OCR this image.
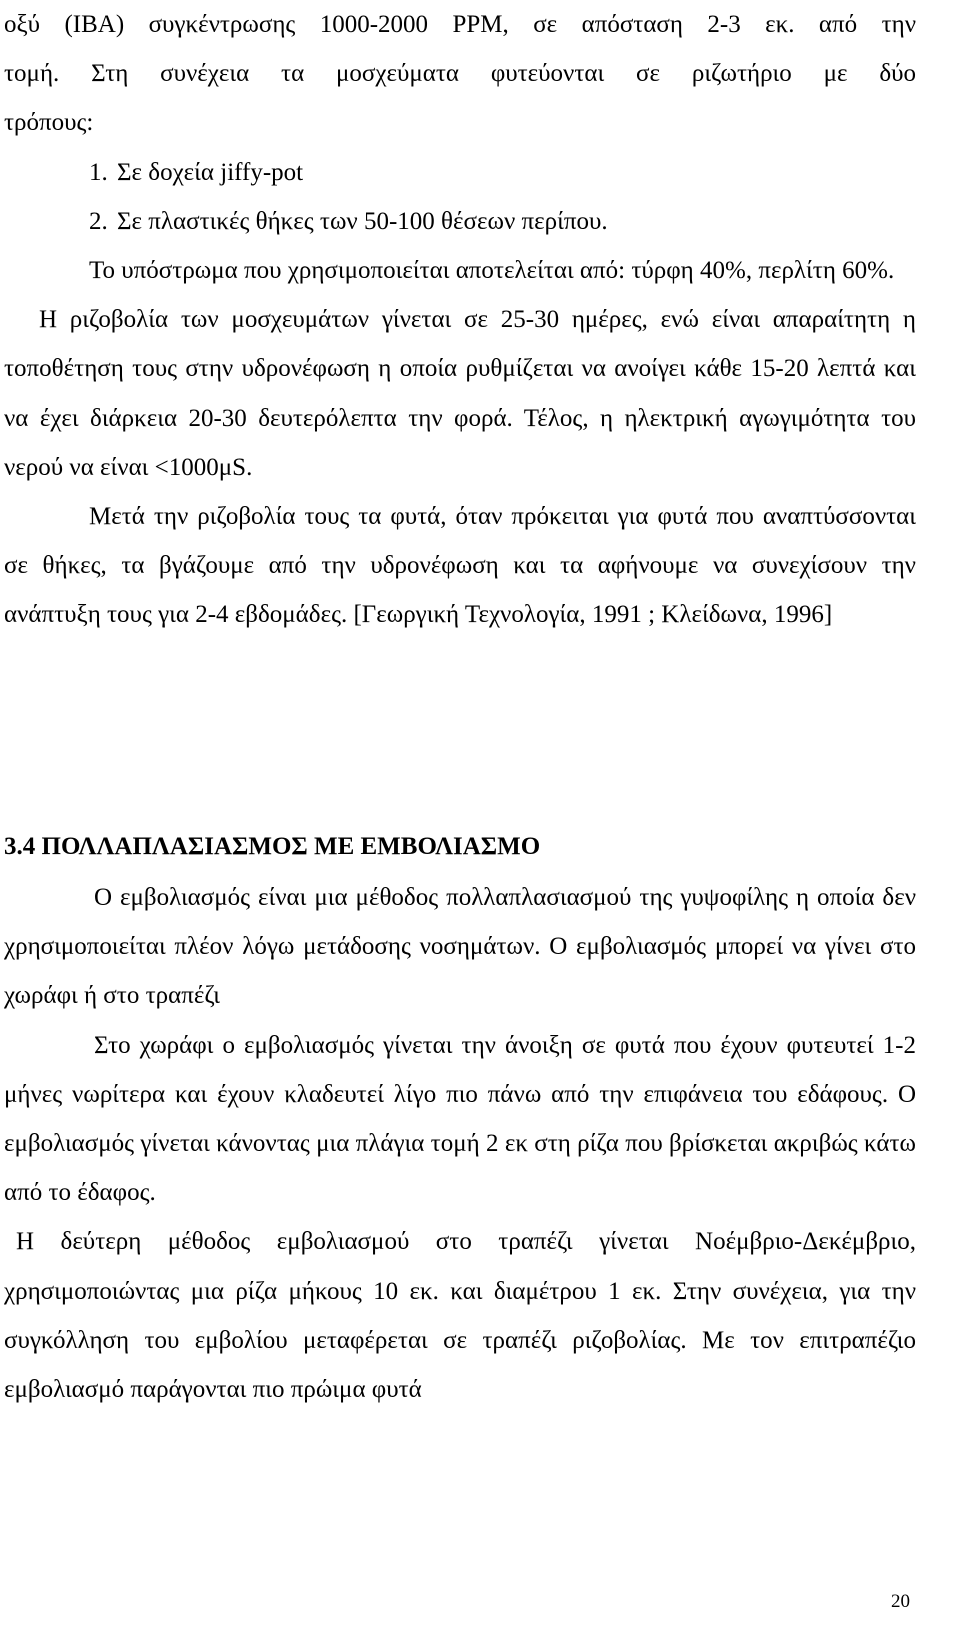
οξύ (IBA) συγκέντρωσης 1000-2000 PPM, σε απόσταση 2-3 εκ. από την

τομή. Στη συνέχεια τα μοσχεύματα φυτεύονται σε ριζωτήριο με δύο

τρόπους:

1. Σε δοχεία jiffy-pot

2. Σε πλαστικές θήκες των 50-100 θέσεων περίπου.

Το υπόστρωμα που χρησιμοποιείται αποτελείται από: τύρφη 40%, περλίτη 60%.

Η ριζοβολία των μοσχευμάτων γίνεται σε 25-30 ημέρες, ενώ είναι απαραίτητη η τοποθέτηση τους στην υδρονέφωση η οποία ρυθμίζεται να ανοίγει κάθε 15-20 λεπτά και να έχει διάρκεια 20-30 δευτερόλεπτα την φορά. Τέλος, η ηλεκτρική αγωγιμότητα του νερού να είναι <1000μS.

Μετά την ριζοβολία τους τα φυτά, όταν πρόκειται για φυτά που αναπτύσσονται σε θήκες, τα βγάζουμε από την υδρονέφωση και τα αφήνουμε να συνεχίσουν την ανάπτυξη τους για 2-4 εβδομάδες. [Γεωργική Τεχνολογία, 1991 ; Κλείδωνα, 1996]

3.4 ΠΟΛΛΑΠΛΑΣΙΑΣΜΟΣ ΜΕ ΕΜΒΟΛΙΑΣΜΟ

Ο εμβολιασμός είναι μια μέθοδος πολλαπλασιασμού της γυψοφίλης η οποία δεν χρησιμοποιείται πλέον λόγω μετάδοσης νοσημάτων. Ο εμβολιασμός μπορεί να γίνει στο χωράφι ή στο τραπέζι

Στο χωράφι ο εμβολιασμός γίνεται την άνοιξη σε φυτά που έχουν φυτευτεί 1-2 μήνες νωρίτερα και έχουν κλαδευτεί λίγο πιο πάνω από την επιφάνεια του εδάφους. Ο εμβολιασμός γίνεται κάνοντας μια πλάγια τομή 2 εκ στη ρίζα που βρίσκεται ακριβώς κάτω από το έδαφος.

Η δεύτερη μέθοδος εμβολιασμού στο τραπέζι γίνεται Νοέμβριο-Δεκέμβριο, χρησιμοποιώντας μια ρίζα μήκους 10 εκ. και διαμέτρου 1 εκ. Στην συνέχεια, για την συγκόλληση του εμβολίου μεταφέρεται σε τραπέζι ριζοβολίας. Με τον επιτραπέζιο εμβολιασμό παράγονται πιο πρώιμα φυτά

20
